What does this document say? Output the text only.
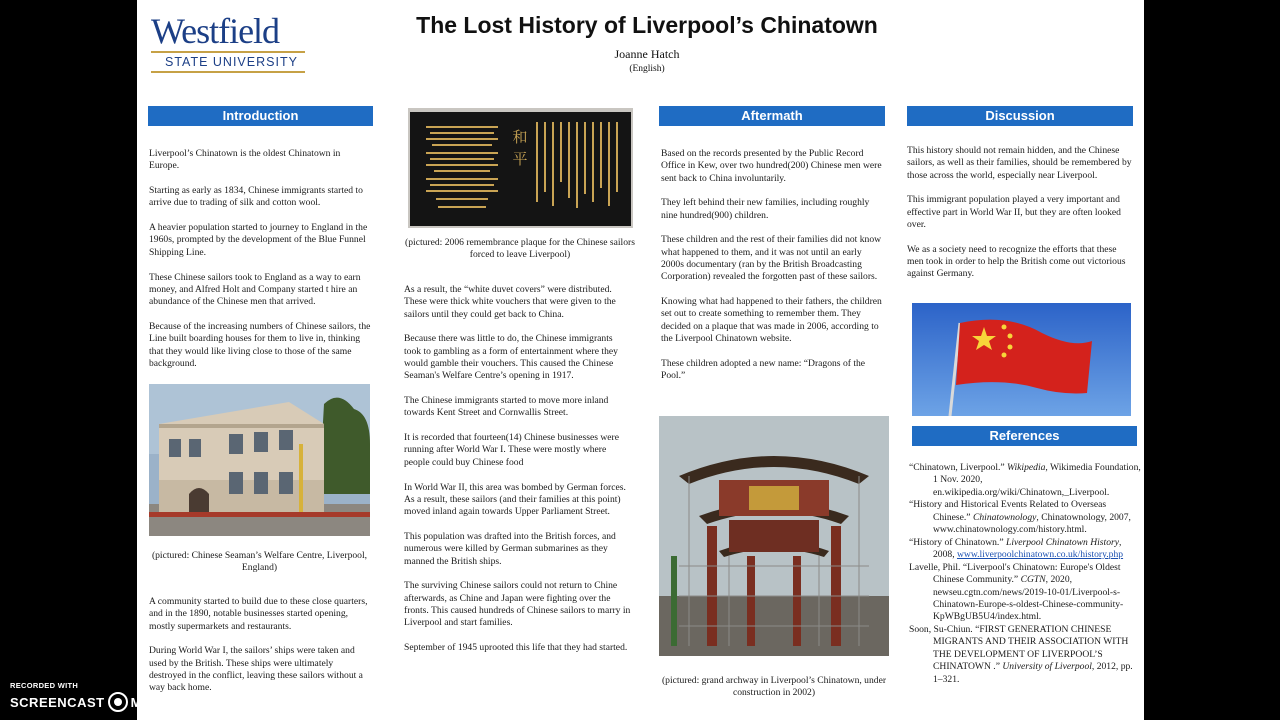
Westfield
STATE UNIVERSITY
The Lost History of Liverpool’s Chinatown
Joanne Hatch
(English)
Introduction

Liverpool’s Chinatown is the oldest Chinatown in Europe.

Starting as early as 1834, Chinese immigrants started to arrive due to trading of silk and cotton wool.

A heavier population started to journey to England in the 1960s, prompted by the development of the Blue Funnel Shipping Line.

These Chinese sailors took to England as a way to earn money, and Alfred Holt and Company started t hire an abundance of the Chinese men that arrived.

Because of the increasing numbers of Chinese sailors, the Line built boarding houses for them to live in, thinking that they would like living close to those of the same background.

(pictured: Chinese Seaman’s Welfare Centre, Liverpool, England)

A community started to build due to these close quarters, and in the 1890, notable businesses started opening, mostly supermarkets and restaurants.

During World War I, the sailors’ ships were taken and used by the British. These ships were ultimately destroyed in the conflict, leaving these sailors without a way back home.

和 平
(pictured: 2006 remembrance plaque for the Chinese sailors forced to leave Liverpool)

As a result, the “white duvet covers” were distributed. These were thick white vouchers that were given to the sailors until they could get back to China.

Because there was little to do, the Chinese immigrants took to gambling as a form of entertainment where they would gamble their vouchers. This caused the Chinese Seaman's Welfare Centre’s opening in 1917.

The Chinese immigrants started to move more inland towards Kent Street and Cornwallis Street.

It is recorded that fourteen(14) Chinese businesses were running after World War I. These were mostly where people could buy Chinese food

In World War II, this area was bombed by German forces. As a result, these sailors (and their families at this point) moved inland again towards Upper Parliament Street.

This population was drafted into the British forces, and numerous were killed by German submarines as they manned the British ships.

The surviving Chinese sailors could not return to Chine afterwards, as Chine and Japan were fighting over the fronts. This caused hundreds of Chinese sailors to marry in Liverpool and start families.

September of 1945 uprooted this life that they had started.

Aftermath

Based on the records presented by the Public Record Office in Kew, over two hundred(200) Chinese men were sent back to China involuntarily.

They left behind their new families, including roughly nine hundred(900) children.

These children and the rest of their families did not know what happened to them, and it was not until an early 2000s documentary (ran by the British Broadcasting Corporation) revealed the forgotten past of these sailors.

Knowing what had happened to their fathers, the children set out to create something to remember them. They decided on a plaque that was made in 2006, according to the Liverpool Chinatown website.

These children adopted a new name: “Dragons of the Pool.”

(pictured: grand archway in Liverpool’s Chinatown, under construction in 2002)
Discussion

This history should not remain hidden, and the Chinese sailors, as well as their families, should be remembered by those across the world, especially near Liverpool.

This immigrant population played a very important and effective part in World War II, but they are often looked over.

We as a society need to recognize the efforts that these men took in order to help the British come out victorious against Germany.

References
“Chinatown, Liverpool.” Wikipedia, Wikimedia Foundation, 1 Nov. 2020, en.wikipedia.org/wiki/Chinatown,_Liverpool.
“History and Historical Events Related to Overseas Chinese.” Chinatownology, Chinatownology, 2007, www.chinatownology.com/history.html.
“History of Chinatown.” Liverpool Chinatown History, 2008, www.liverpoolchinatown.co.uk/history.php
Lavelle, Phil. “Liverpool's Chinatown: Europe's Oldest Chinese Community.” CGTN, 2020, newseu.cgtn.com/news/2019-10-01/Liverpool-s-Chinatown-Europe-s-oldest-Chinese-community-KpWBgUB5U4/index.html.
Soon, Su-Chiun. “FIRST GENERATION CHINESE MIGRANTS AND THEIR ASSOCIATION WITH THE DEVELOPMENT OF LIVERPOOL’S CHINATOWN .” University of Liverpool, 2012, pp. 1–321.
RECORDED WITH
SCREENCAST MATIC
